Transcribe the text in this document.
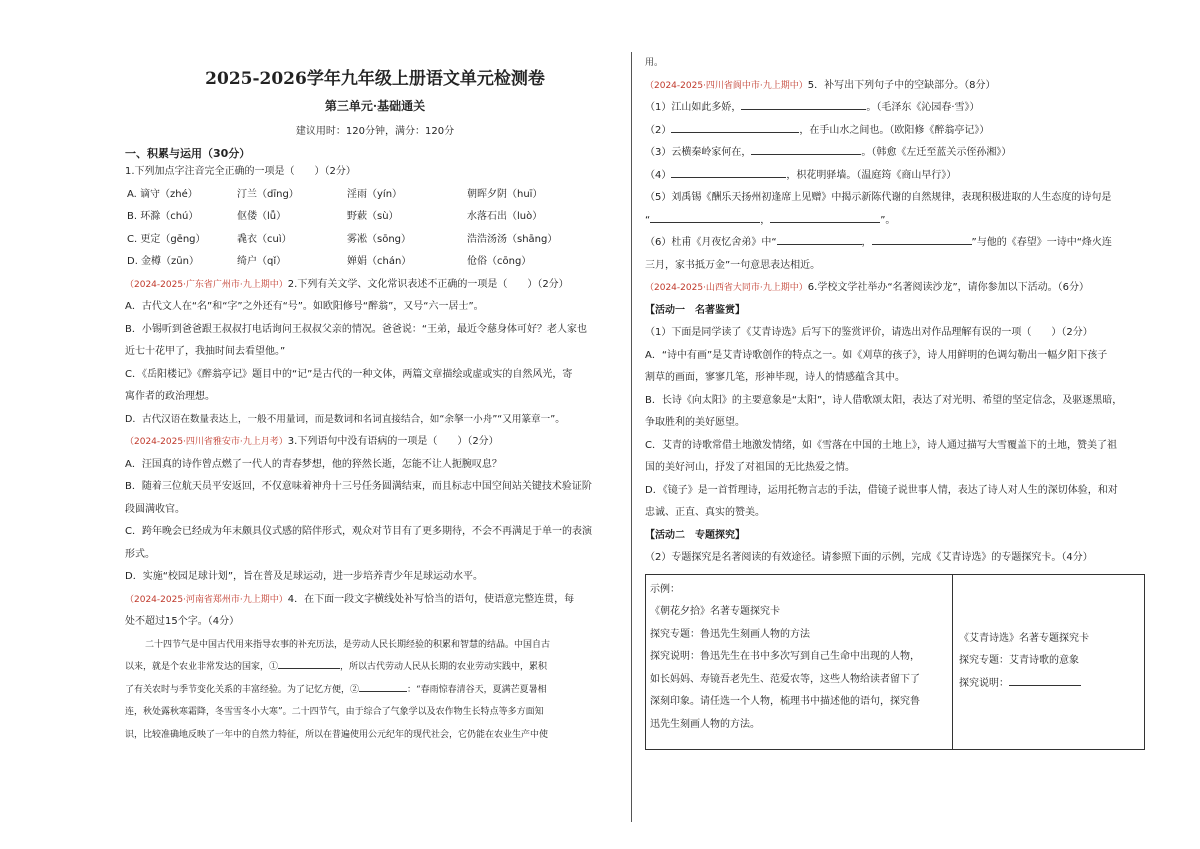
2025-2026学年九年级上册语文单元检测卷
第三单元·基础通关
建议用时：120分钟，满分：120分
一、积累与运用（30分）
1.下列加点字注音完全正确的一项是（　　）（2分）
A. 谪守（zhé）	汀兰（dīng）	淫雨（yín）	朝晖夕阴（huī）
B. 环滁（chú）	伛偻（lǚ）	野蔌（sù）	水落石出（luò）
C. 更定（gēng）	毳衣（cuì）	雾凇（sōng）	浩浩汤汤（shāng）
D. 金樽（zūn）	绮户（qǐ）	婵娟（chán）	伧俗（cōng）
（2024-2025·广东省广州市·九上期中）2.下列有关文学、文化常识表述不正确的一项是（　　）（2分）
A．古代文人在“名”和“字”之外还有“号”。如欧阳修号“醉翁”，又号“六一居士”。
B．小锡听到爸爸跟王叔叔打电话询问王叔叔父亲的情况。爸爸说：“王弟，最近令慈身体可好？老人家也
近七十花甲了，我抽时间去看望他。”
C．《岳阳楼记》《醉翁亭记》题目中的“记”是古代的一种文体，两篇文章描绘或虚或实的自然风光，寄
寓作者的政治理想。
D．古代汉语在数量表达上，一般不用量词，而是数词和名词直接结合，如“余拏一小舟”“又用篆章一”。
（2024-2025·四川省雅安市·九上月考）3.下列语句中没有语病的一项是（　　）（2分）
A．汪国真的诗作曾点燃了一代人的青春梦想，他的猝然长逝，怎能不让人扼腕叹息？
B．随着三位航天员平安返回，不仅意味着神舟十三号任务圆满结束，而且标志中国空间站关键技术验证阶
段圆满收官。
C．跨年晚会已经成为年末颇具仪式感的陪伴形式，观众对节目有了更多期待，不会不再满足于单一的表演
形式。
D．实施“校园足球计划”，旨在普及足球运动，进一步培养青少年足球运动水平。
（2024-2025·河南省郑州市·九上期中）4．在下面一段文字横线处补写恰当的语句，使语意完整连贯，每
处不超过15个字。（4分）
二十四节气是中国古代用来指导农事的补充历法，是劳动人民长期经验的积累和智慧的结晶。中国自古
以来，就是个农业非常发达的国家，①	，所以古代劳动人民从长期的农业劳动实践中，累积
了有关农时与季节变化关系的丰富经验。为了记忆方便，②	：“春雨惊春清谷天，夏满芒夏暑相
连，秋处露秋寒霜降，冬雪雪冬小大寒”。二十四节气，由于综合了气象学以及农作物生长特点等多方面知
识，比较准确地反映了一年中的自然力特征，所以在普遍使用公元纪年的现代社会，它仍能在农业生产中使
用。
（2024-2025·四川省阆中市·九上期中）5．补写出下列句子中的空缺部分。（8分）
（1）江山如此多娇，	。（毛泽东《沁园春·雪》）
（2）	，在手山水之间也。（欧阳修《醉翁亭记》）
（3）云横秦岭家何在，	。（韩愈《左迁至蓝关示侄孙湘》）
（4）	，枳花明驿墙。（温庭筠《商山早行》）
（5）刘禹锡《酬乐天扬州初逢席上见赠》中揭示新陈代谢的自然规律，表现积极进取的人生态度的诗句是
“	，	”。
（6）杜甫《月夜忆舍弟》中“	，	”与他的《春望》一诗中“烽火连
三月，家书抵万金”一句意思表达相近。
（2024-2025·山西省大同市·九上期中）6.学校文学社举办“名著阅读沙龙”，请你参加以下活动。（6分）
【活动一　名著鉴赏】
（1）下面是同学读了《艾青诗选》后写下的鉴赏评价，请选出对作品理解有误的一项（　　）（2分）
A．“诗中有画”是艾青诗歌创作的特点之一。如《刈草的孩子》，诗人用鲜明的色调勾勒出一幅夕阳下孩子
割草的画面，寥寥几笔，形神毕现，诗人的情感蕴含其中。
B．长诗《向太阳》的主要意象是“太阳”，诗人借歌颂太阳，表达了对光明、希望的坚定信念，及驱逐黑暗，
争取胜利的美好愿望。
C．艾青的诗歌常借土地激发情绪，如《雪落在中国的土地上》，诗人通过描写大雪覆盖下的土地，赞美了祖
国的美好河山，抒发了对祖国的无比热爱之情。
D．《镜子》是一首哲理诗，运用托物言志的手法，借镜子说世事人情，表达了诗人对人生的深切体验，和对
忠诚、正直、真实的赞美。
【活动二　专题探究】
（2）专题探究是名著阅读的有效途径。请参照下面的示例，完成《艾青诗选》的专题探究卡。（4分）
示例：
《朝花夕拾》名著专题探究卡
探究专题：鲁迅先生刻画人物的方法
探究说明：鲁迅先生在书中多次写到自己生命中出现的人物，
如长妈妈、寿镜吾老先生、范爱农等，这些人物给读者留下了
深刻印象。请任选一个人物，梳理书中描述他的语句，探究鲁
迅先生刻画人物的方法。
《艾青诗选》名著专题探究卡
探究专题：艾青诗歌的意象
探究说明：
